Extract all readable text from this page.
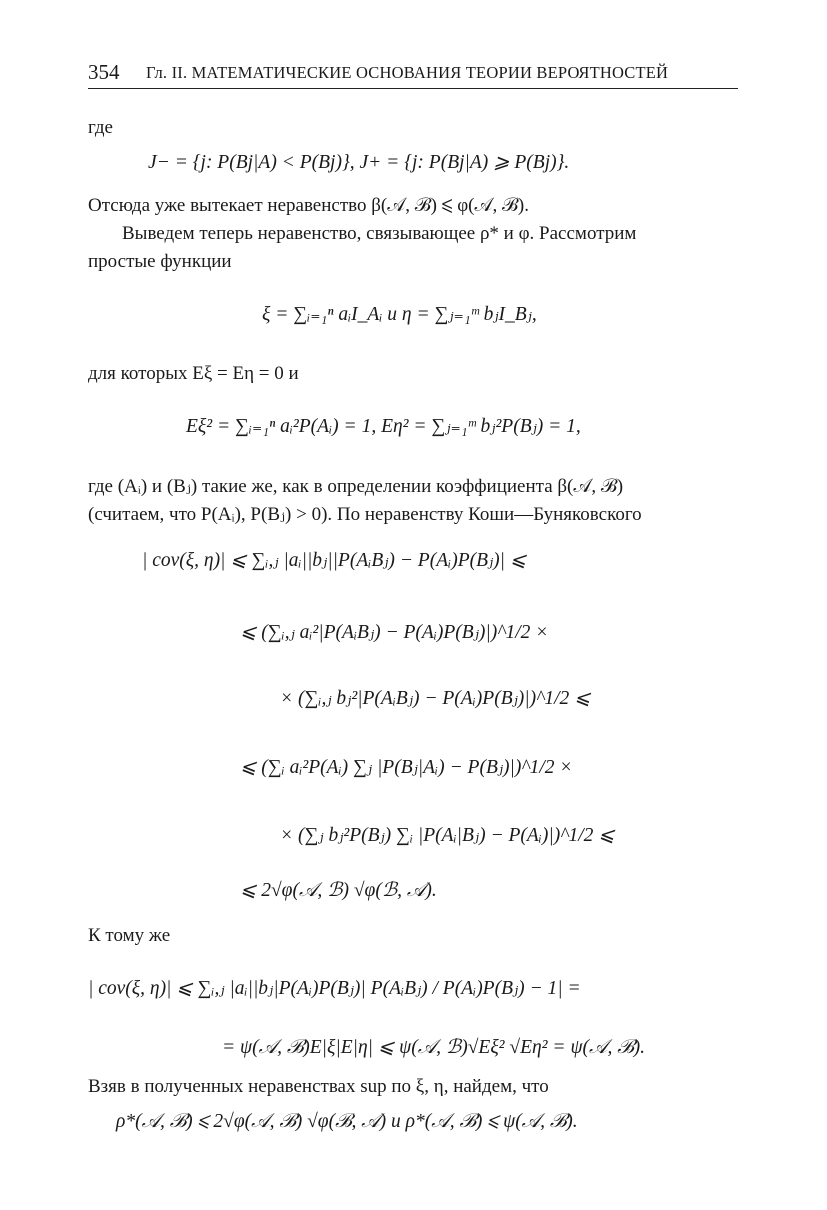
354 Гл. II. МАТЕМАТИЧЕСКИЕ ОСНОВАНИЯ ТЕОРИИ ВЕРОЯТНОСТЕЙ
где
J− = {j: P(Bj|A) < P(Bj)}, J+ = {j: P(Bj|A) ⩾ P(Bj)}.
Отсюда уже вытекает неравенство β(𝒜, ℬ) ⩽ φ(𝒜, ℬ).
Выведем теперь неравенство, связывающее ρ* и φ. Рассмотрим
простые функции
ξ = ∑ᵢ₌₁ⁿ aᵢI_Aᵢ и η = ∑ⱼ₌₁ᵐ bⱼI_Bⱼ,
для которых Eξ = Eη = 0 и
Eξ² = ∑ᵢ₌₁ⁿ aᵢ²P(Aᵢ) = 1, Eη² = ∑ⱼ₌₁ᵐ bⱼ²P(Bⱼ) = 1,
где (Aᵢ) и (Bⱼ) такие же, как в определении коэффициента β(𝒜, ℬ)
(считаем, что P(Aᵢ), P(Bⱼ) > 0). По неравенству Коши—Буняковского
| cov(ξ, η)| ⩽ ∑ᵢ,ⱼ |aᵢ||bⱼ||P(AᵢBⱼ) − P(Aᵢ)P(Bⱼ)| ⩽
⩽ (∑ᵢ,ⱼ aᵢ²|P(AᵢBⱼ) − P(Aᵢ)P(Bⱼ)|)^1/2 ×
× (∑ᵢ,ⱼ bⱼ²|P(AᵢBⱼ) − P(Aᵢ)P(Bⱼ)|)^1/2 ⩽
⩽ (∑ᵢ aᵢ²P(Aᵢ) ∑ⱼ |P(Bⱼ|Aᵢ) − P(Bⱼ)|)^1/2 ×
× (∑ⱼ bⱼ²P(Bⱼ) ∑ᵢ |P(Aᵢ|Bⱼ) − P(Aᵢ)|)^1/2 ⩽
⩽ 2√φ(𝒜, ℬ) √φ(ℬ, 𝒜).
К тому же
| cov(ξ, η)| ⩽ ∑ᵢ,ⱼ |aᵢ||bⱼ|P(Aᵢ)P(Bⱼ)| P(AᵢBⱼ) / P(Aᵢ)P(Bⱼ) − 1| =
= ψ(𝒜, ℬ)E|ξ|E|η| ⩽ ψ(𝒜, ℬ)√Eξ² √Eη² = ψ(𝒜, ℬ).
Взяв в полученных неравенствах sup по ξ, η, найдем, что
ρ*(𝒜, ℬ) ⩽ 2√φ(𝒜, ℬ) √φ(ℬ, 𝒜) и ρ*(𝒜, ℬ) ⩽ ψ(𝒜, ℬ).
